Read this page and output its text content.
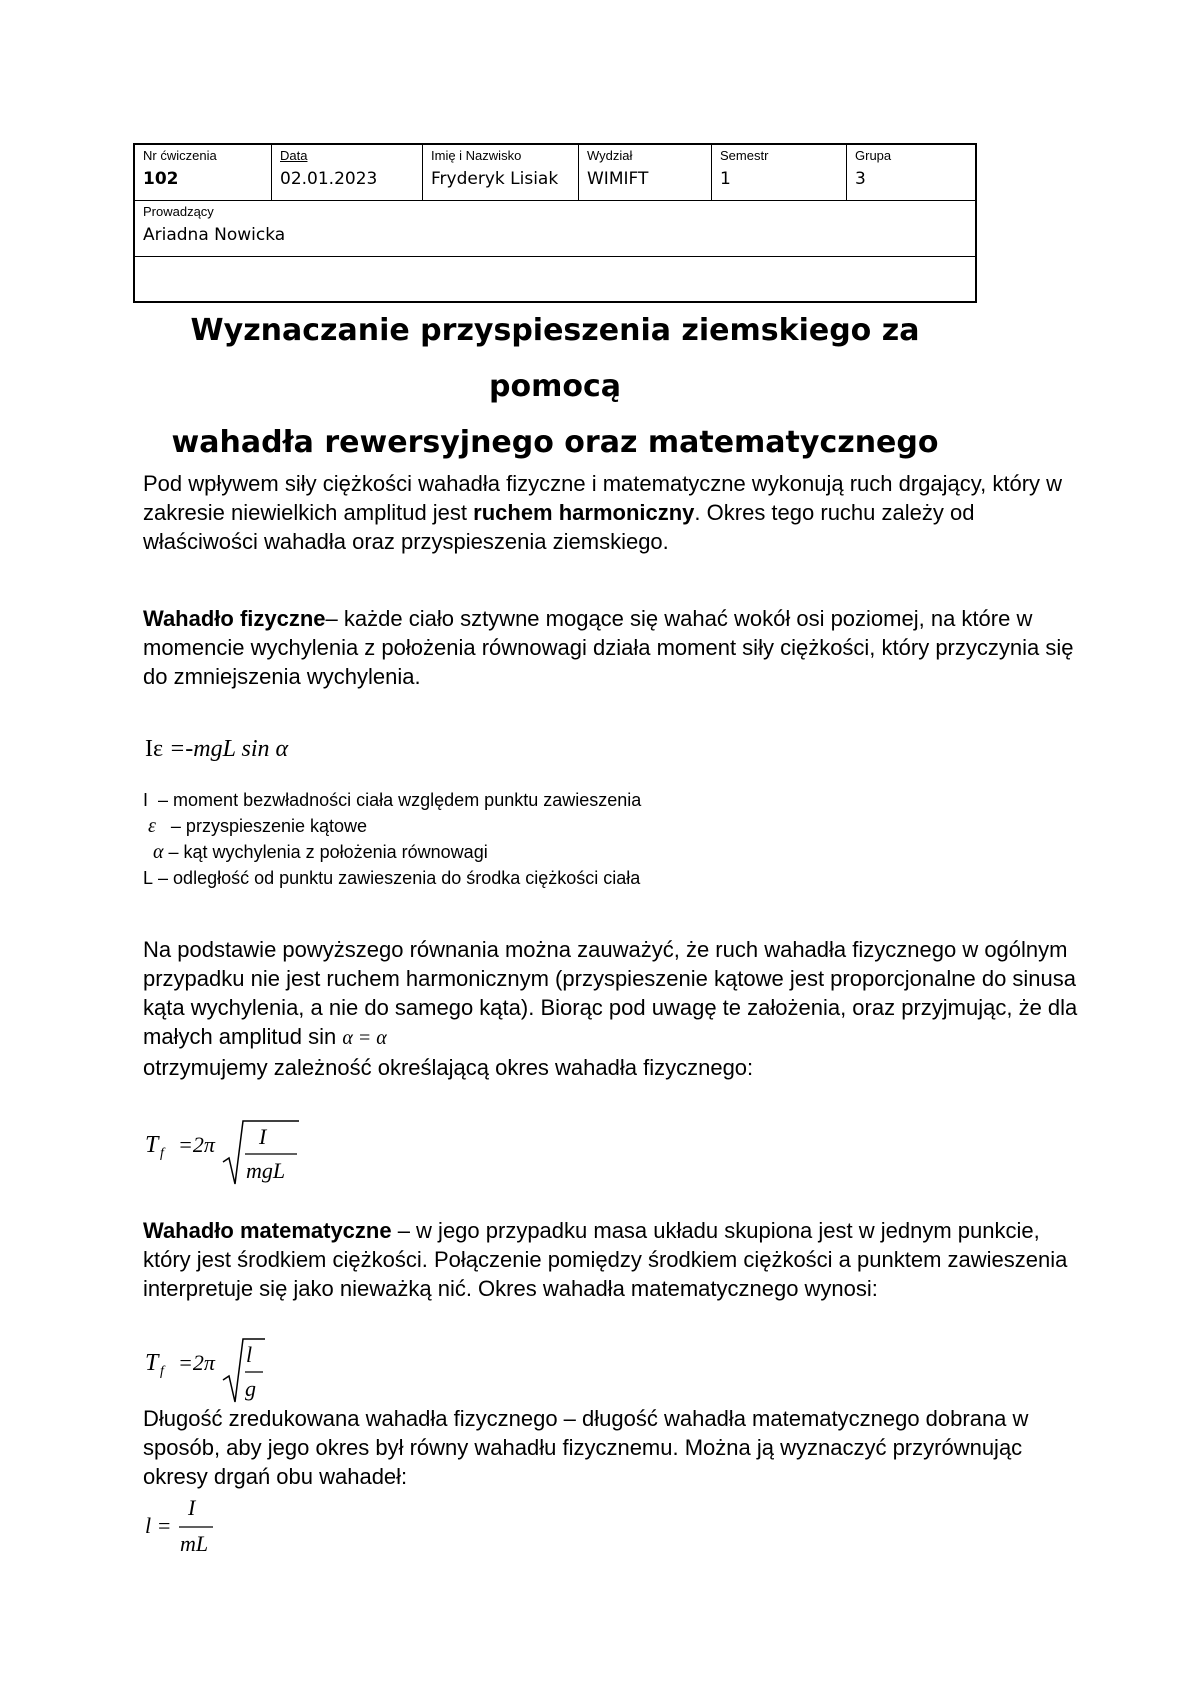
Nr ćwiczenia
102
Data
02.01.2023
Imię i Nazwisko
Fryderyk Lisiak
Wydział
WIMIFT
Semestr
1
Grupa
3
Prowadzący
Ariadna Nowicka
Wyznaczanie przyspieszenia ziemskiego za pomocą
wahadła rewersyjnego oraz matematycznego
Pod wpływem siły ciężkości wahadła fizyczne i matematyczne wykonują ruch drgający, który w zakresie niewielkich amplitud jest ruchem harmoniczny. Okres tego ruchu zależy od właściwości wahadła oraz przyspieszenia ziemskiego.
Wahadło fizyczne– każde ciało sztywne mogące się wahać wokół osi poziomej, na które w momencie wychylenia z położenia równowagi działa moment siły ciężkości, który przyczynia się do zmniejszenia wychylenia.
Iε =-mgL sin α
I – moment bezwładności ciała względem punktu zawieszenia
ε – przyspieszenie kątowe
α – kąt wychylenia z położenia równowagi
L – odległość od punktu zawieszenia do środka ciężkości ciała
Na podstawie powyższego równania można zauważyć, że ruch wahadła fizycznego w ogólnym przypadku nie jest ruchem harmonicznym (przyspieszenie kątowe jest proporcjonalne do sinusa kąta wychylenia, a nie do samego kąta). Biorąc pod uwagę te założenia, oraz przyjmując, że dla małych amplitud sin α = α
otrzymujemy zależność określającą okres wahadła fizycznego:
T f =2π I
mgL
Wahadło matematyczne – w jego przypadku masa układu skupiona jest w jednym punkcie, który jest środkiem ciężkości. Połączenie pomiędzy środkiem ciężkości a punktem zawieszenia interpretuje się jako nieważką nić. Okres wahadła matematycznego wynosi:
T f =2π l
g
Długość zredukowana wahadła fizycznego – długość wahadła matematycznego dobrana w sposób, aby jego okres był równy wahadłu fizycznemu. Można ją wyznaczyć przyrównując okresy drgań obu wahadeł:
l =
I
mL
